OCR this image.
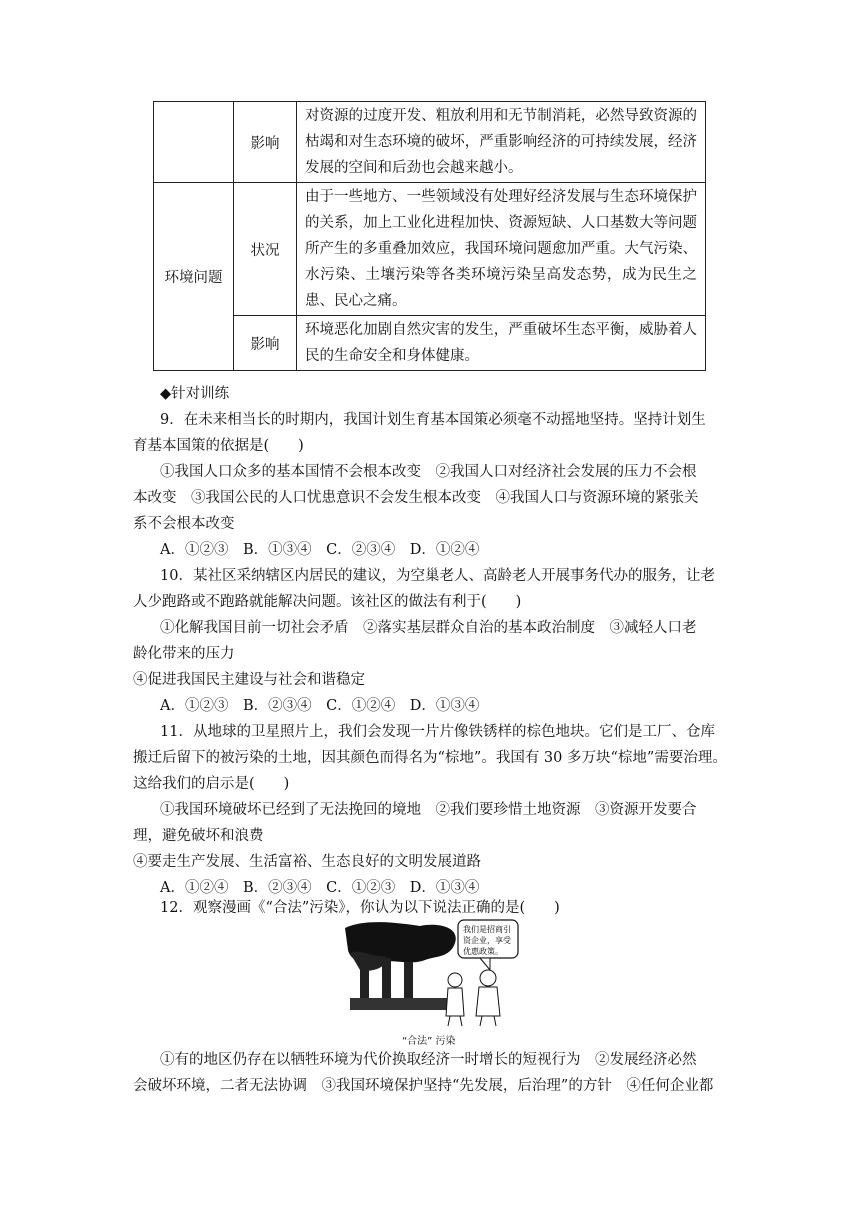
	影响	对资源的过度开发、粗放利用和无节制消耗，必然导致资源的枯竭和对生态环境的破坏，严重影响经济的可持续发展，经济发展的空间和后劲也会越来越小。
环境问题	状况	由于一些地方、一些领域没有处理好经济发展与生态环境保护的关系，加上工业化进程加快、资源短缺、人口基数大等问题所产生的多重叠加效应，我国环境问题愈加严重。大气污染、水污染、土壤污染等各类环境污染呈高发态势，成为民生之患、民心之痛。
	影响	环境恶化加剧自然灾害的发生，严重破坏生态平衡，威胁着人民的生命安全和身体健康。
◆针对训练
9．在未来相当长的时期内，我国计划生育基本国策必须毫不动摇地坚持。坚持计划生
育基本国策的依据是(　　)
①我国人口众多的基本国情不会根本改变　②我国人口对经济社会发展的压力不会根
本改变　③我国公民的人口忧患意识不会发生根本改变　④我国人口与资源环境的紧张关
系不会根本改变
A．①②③　B．①③④　C．②③④　D．①②④
10．某社区采纳辖区内居民的建议，为空巢老人、高龄老人开展事务代办的服务，让老
人少跑路或不跑路就能解决问题。该社区的做法有利于(　　)
①化解我国目前一切社会矛盾　②落实基层群众自治的基本政治制度　③减轻人口老
龄化带来的压力
④促进我国民主建设与社会和谐稳定
A．①②③　B．②③④　C．①②④　D．①③④
11．从地球的卫星照片上，我们会发现一片片像铁锈样的棕色地块。它们是工厂、仓库
搬迁后留下的被污染的土地，因其颜色而得名为“棕地”。我国有 30 多万块“棕地”需要治理。
这给我们的启示是(　　)
①我国环境破坏已经到了无法挽回的境地　②我们要珍惜土地资源　③资源开发要合
理，避免破坏和浪费
④要走生产发展、生活富裕、生态良好的文明发展道路
A．①②④　B．②③④　C．①②③　D．①③④
12．观察漫画《“合法”污染》，你认为以下说法正确的是(　　)
我们是招商引
资企业，享受
优惠政策。
“合法” 污染
①有的地区仍存在以牺牲环境为代价换取经济一时增长的短视行为　②发展经济必然
会破坏环境，二者无法协调　③我国环境保护坚持“先发展，后治理”的方针　④任何企业都
